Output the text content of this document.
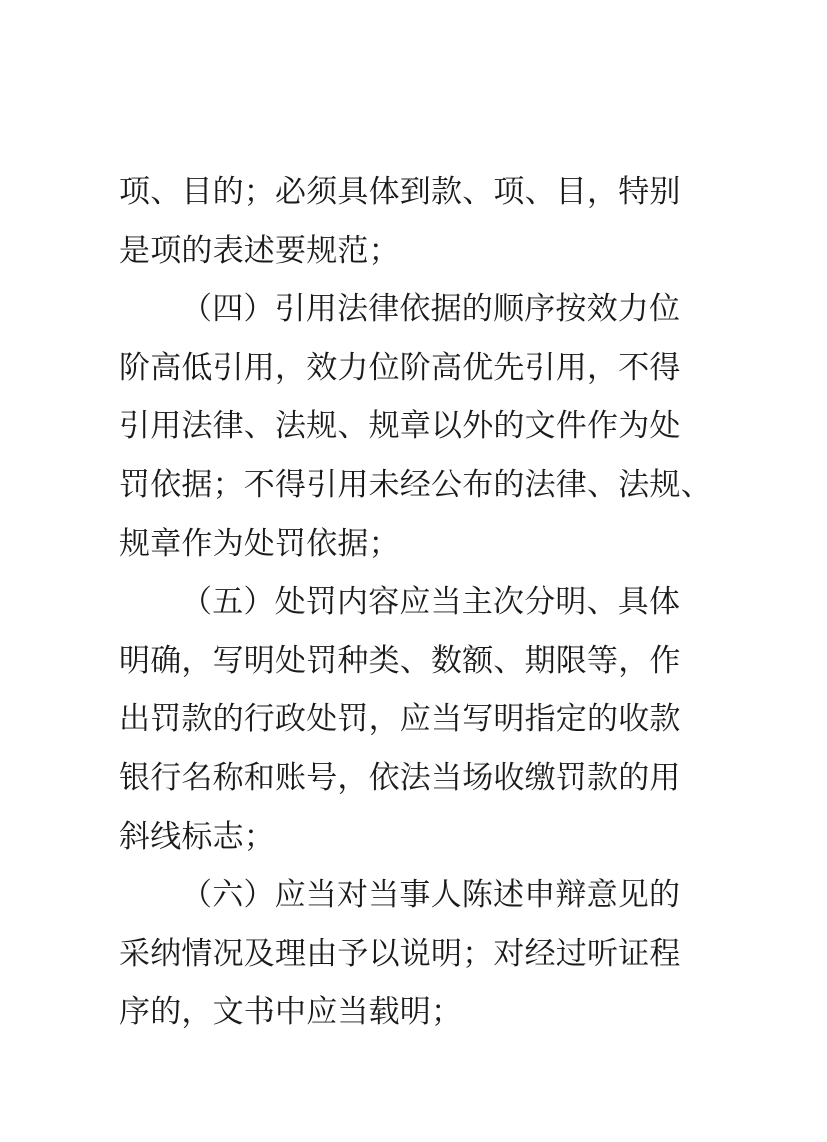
项、目的；必须具体到款、项、目，特别
是项的表述要规范；
（四）引用法律依据的顺序按效力位
阶高低引用，效力位阶高优先引用，不得
引用法律、法规、规章以外的文件作为处
罚依据；不得引用未经公布的法律、法规、
规章作为处罚依据；
（五）处罚内容应当主次分明、具体
明确，写明处罚种类、数额、期限等，作
出罚款的行政处罚，应当写明指定的收款
银行名称和账号，依法当场收缴罚款的用
斜线标志；
（六）应当对当事人陈述申辩意见的
采纳情况及理由予以说明；对经过听证程
序的，文书中应当载明；
